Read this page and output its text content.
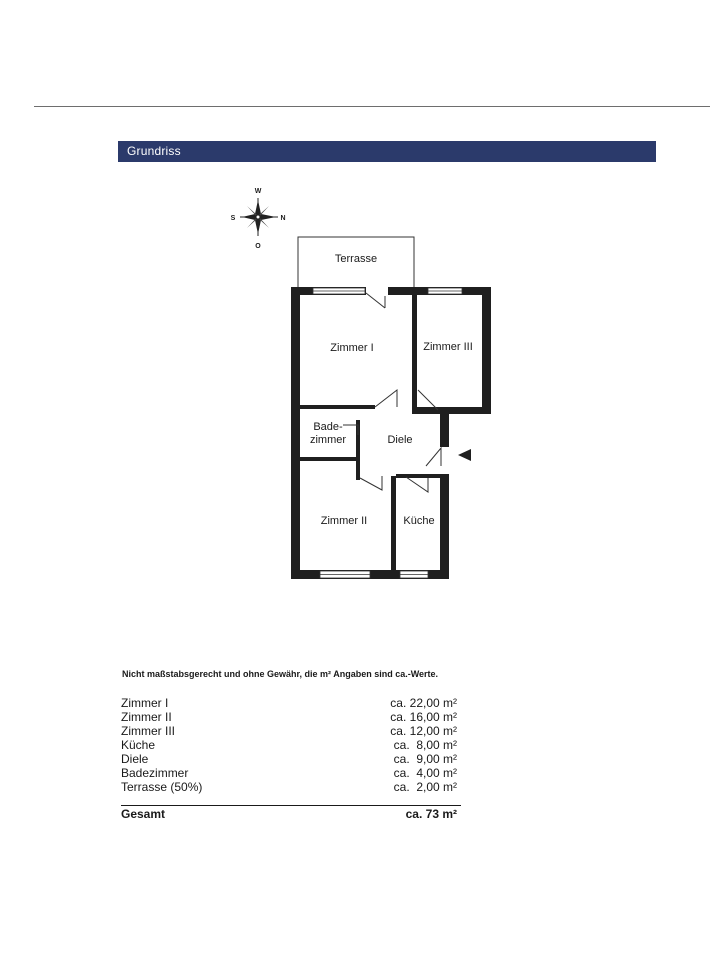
Grundriss
W
S	N
O
Terrasse
Zimmer I	Zimmer III
Bade-
zimmer	Diele
Zimmer II	Küche
Nicht maßstabsgerecht und ohne Gewähr, die m² Angaben sind ca.-Werte.
Zimmer I	ca. 22,00 m²
Zimmer II	ca. 16,00 m²
Zimmer III	ca. 12,00 m²
Küche	ca.  8,00 m²
Diele	ca.  9,00 m²
Badezimmer	ca.  4,00 m²
Terrasse (50%)	ca.  2,00 m²
Gesamt	ca. 73 m²
